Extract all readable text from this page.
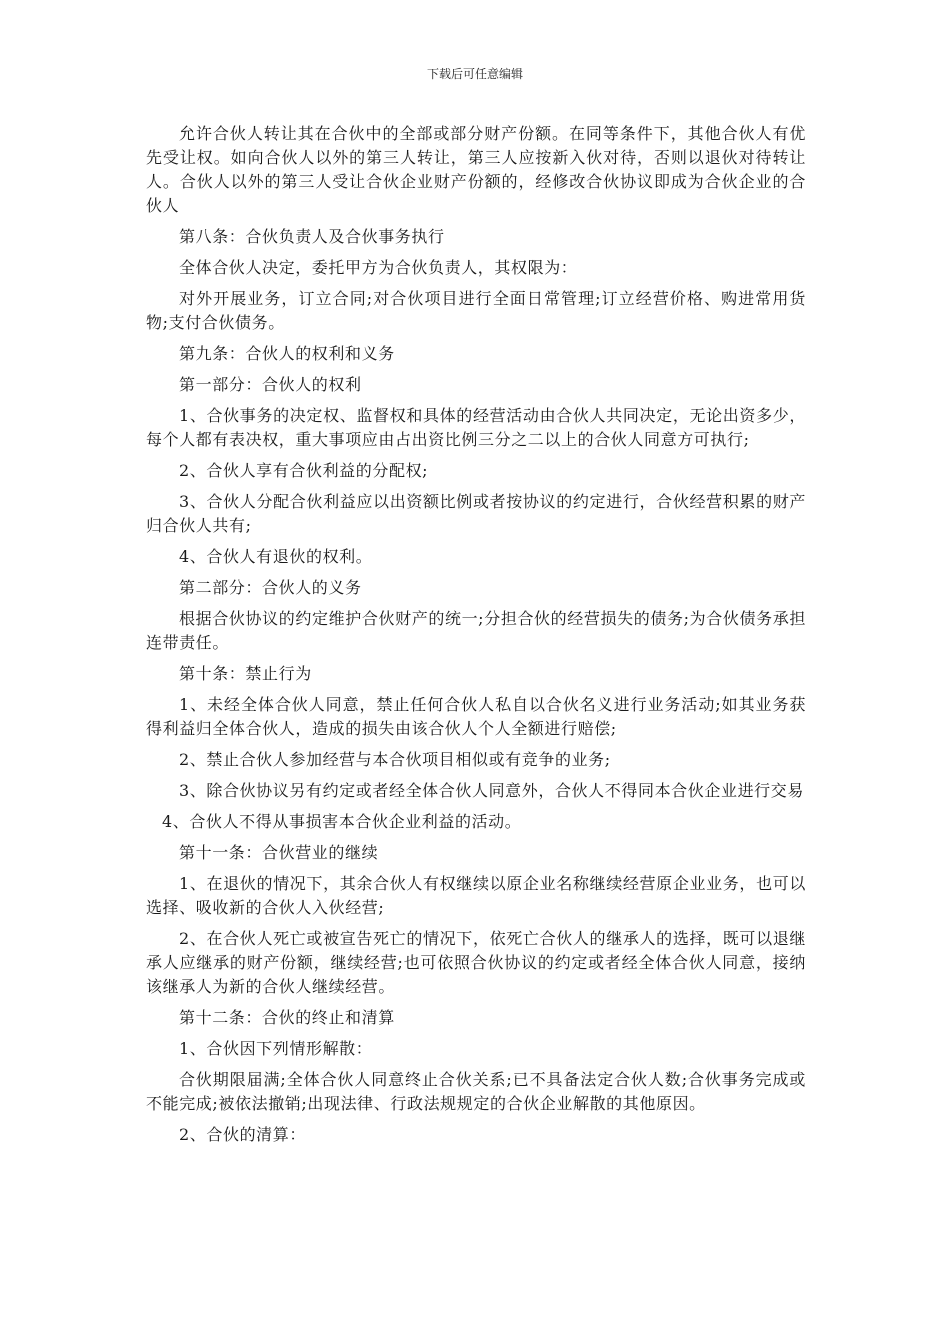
下载后可任意编辑

允许合伙人转让其在合伙中的全部或部分财产份额。在同等条件下，其他合伙人有优先受让权。如向合伙人以外的第三人转让，第三人应按新入伙对待，否则以退伙对待转让人。合伙人以外的第三人受让合伙企业财产份额的，经修改合伙协议即成为合伙企业的合伙人

第八条：合伙负责人及合伙事务执行

全体合伙人决定，委托甲方为合伙负责人，其权限为：

对外开展业务，订立合同;对合伙项目进行全面日常管理;订立经营价格、购进常用货物;支付合伙债务。

第九条：合伙人的权利和义务

第一部分：合伙人的权利

1、合伙事务的决定权、监督权和具体的经营活动由合伙人共同决定，无论出资多少，每个人都有表决权，重大事项应由占出资比例三分之二以上的合伙人同意方可执行;

2、合伙人享有合伙利益的分配权;

3、合伙人分配合伙利益应以出资额比例或者按协议的约定进行，合伙经营积累的财产归合伙人共有;

4、合伙人有退伙的权利。

第二部分：合伙人的义务

根据合伙协议的约定维护合伙财产的统一;分担合伙的经营损失的债务;为合伙债务承担连带责任。

第十条：禁止行为

1、未经全体合伙人同意，禁止任何合伙人私自以合伙名义进行业务活动;如其业务获得利益归全体合伙人，造成的损失由该合伙人个人全额进行赔偿;

2、禁止合伙人参加经营与本合伙项目相似或有竞争的业务;

3、除合伙协议另有约定或者经全体合伙人同意外，合伙人不得同本合伙企业进行交易

4、合伙人不得从事损害本合伙企业利益的活动。

第十一条：合伙营业的继续

1、在退伙的情况下，其余合伙人有权继续以原企业名称继续经营原企业业务，也可以选择、吸收新的合伙人入伙经营;

2、在合伙人死亡或被宣告死亡的情况下，依死亡合伙人的继承人的选择，既可以退继承人应继承的财产份额，继续经营;也可依照合伙协议的约定或者经全体合伙人同意，接纳该继承人为新的合伙人继续经营。

第十二条：合伙的终止和清算

1、合伙因下列情形解散：

合伙期限届满;全体合伙人同意终止合伙关系;已不具备法定合伙人数;合伙事务完成或不能完成;被依法撤销;出现法律、行政法规规定的合伙企业解散的其他原因。

2、合伙的清算：
